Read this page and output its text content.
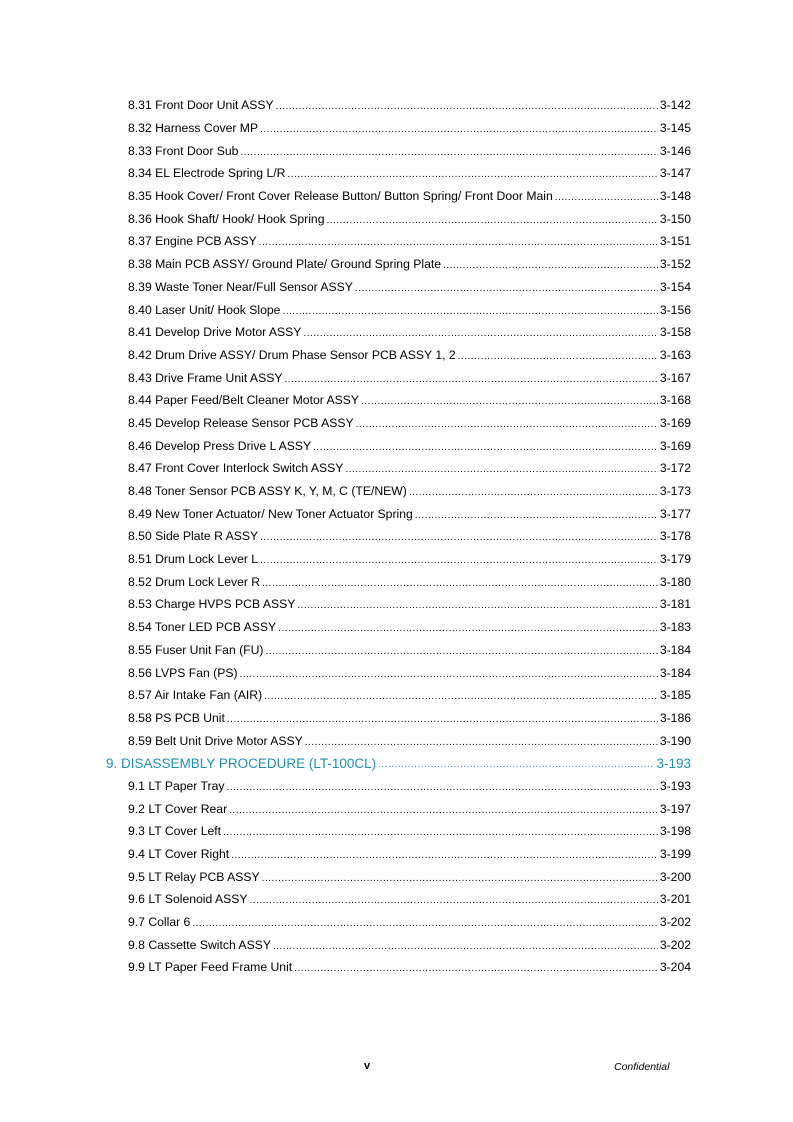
8.31 Front Door Unit ASSY .....	3-142
8.32 Harness Cover MP .....	3-145
8.33 Front Door Sub .....	3-146
8.34 EL Electrode Spring L/R .....	3-147
8.35 Hook Cover/ Front Cover Release Button/ Button Spring/ Front Door Main .....	3-148
8.36 Hook Shaft/ Hook/ Hook Spring .....	3-150
8.37 Engine PCB ASSY .....	3-151
8.38 Main PCB ASSY/ Ground Plate/ Ground Spring Plate .....	3-152
8.39 Waste Toner Near/Full Sensor ASSY .....	3-154
8.40 Laser Unit/ Hook Slope .....	3-156
8.41 Develop Drive Motor ASSY .....	3-158
8.42 Drum Drive ASSY/ Drum Phase Sensor PCB ASSY 1, 2 .....	3-163
8.43 Drive Frame Unit ASSY .....	3-167
8.44 Paper Feed/Belt Cleaner Motor ASSY .....	3-168
8.45 Develop Release Sensor PCB ASSY .....	3-169
8.46 Develop Press Drive L ASSY .....	3-169
8.47 Front Cover Interlock Switch ASSY .....	3-172
8.48 Toner Sensor PCB ASSY K, Y, M, C (TE/NEW) .....	3-173
8.49 New Toner Actuator/ New Toner Actuator Spring .....	3-177
8.50 Side Plate R ASSY .....	3-178
8.51 Drum Lock Lever L .....	3-179
8.52 Drum Lock Lever R .....	3-180
8.53 Charge HVPS PCB ASSY .....	3-181
8.54 Toner LED PCB ASSY .....	3-183
8.55 Fuser Unit Fan (FU) .....	3-184
8.56 LVPS Fan (PS) .....	3-184
8.57 Air Intake Fan (AIR) .....	3-185
8.58 PS PCB Unit .....	3-186
8.59 Belt Unit Drive Motor ASSY .....	3-190
9. DISASSEMBLY PROCEDURE (LT-100CL) .....	3-193
9.1 LT Paper Tray .....	3-193
9.2 LT Cover Rear .....	3-197
9.3 LT Cover Left .....	3-198
9.4 LT Cover Right .....	3-199
9.5 LT Relay PCB ASSY .....	3-200
9.6 LT Solenoid ASSY .....	3-201
9.7 Collar 6 .....	3-202
9.8 Cassette Switch ASSY .....	3-202
9.9 LT Paper Feed Frame Unit .....	3-204
v	Confidential
